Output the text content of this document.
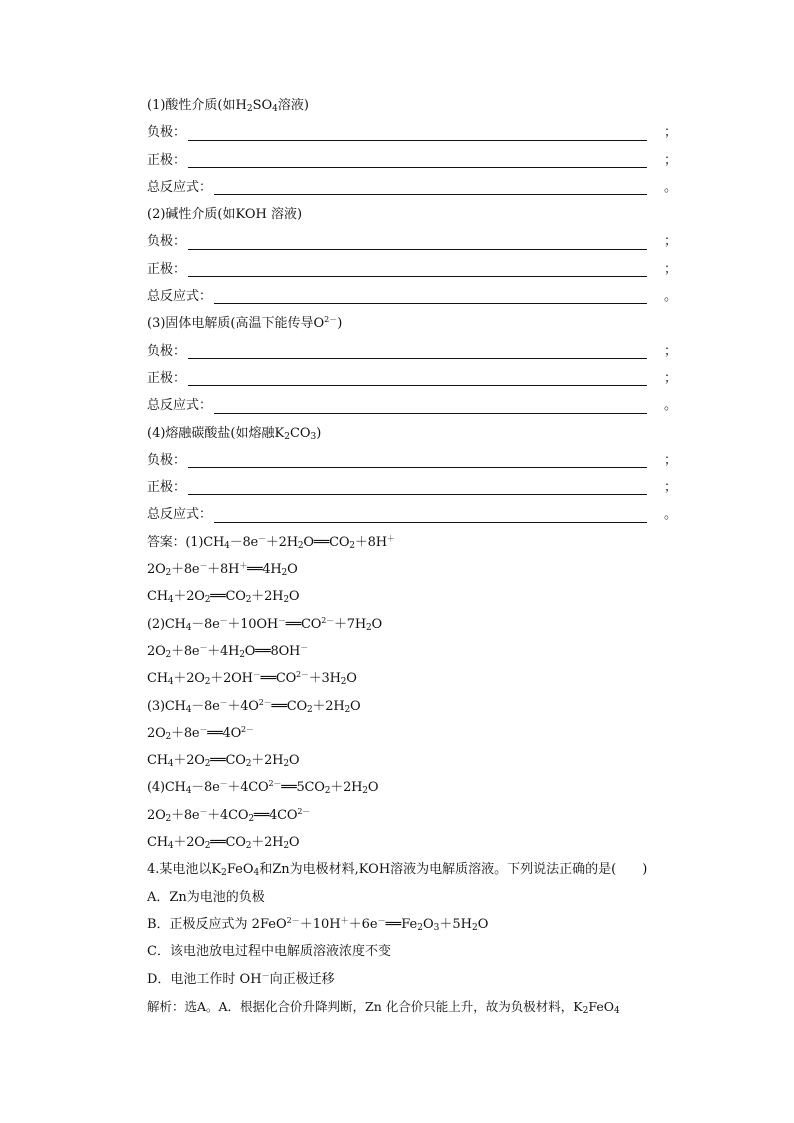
(1)酸性介质(如$H_2SO_4$溶液)
负极：	；
正极：	；
总反应式：	。
(2)碱性介质(如KOH 溶液)
负极：	；
正极：	；
总反应式：	。
(3)固体电解质(高温下能传导$O^{2-}$)
负极：	；
正极：	；
总反应式：	。
(4)熔融碳酸盐(如熔融$K_2CO_3$)
负极：	；
正极：	；
总反应式：	。
答案：$(1)CH_4-8e^-+2H_2O══CO_2+8H^+$
$2O_2+8e^-+8H^+══4H_2O$
$CH_4+2O_2══CO_2+2H_2O$
$(2)CH_4-8e^-+10OH^-══CO^{2-}+7H_2O$
$2O_2+8e^-+4H_2O══8OH^-$
$CH_4+2O_2+2OH^-══CO^{2-}+3H_2O$
$(3)CH_4-8e^-+4O^{2-}══CO_2+2H_2O$
$2O_2+8e^-══4O^{2-}$
$CH_4+2O_2══CO_2+2H_2O$
$(4)CH_4-8e^-+4CO^{2-}══5CO_2+2H_2O$
$2O_2+8e^-+4CO_2══4CO^{2-}$
$CH_4+2O_2══CO_2+2H_2O$
4.某电池以$K_2FeO_4$和Zn为电极材料,KOH溶液为电解质溶液。下列说法正确的是(　　)
A．Zn为电池的负极
B．正极反应式为 $2FeO^{2-}+10H^++6e^-══Fe_2O_3+5H_2O$
C．该电池放电过程中电解质溶液浓度不变
D．电池工作时 OH－向正极迁移
解析：选A。A．根据化合价升降判断，Zn 化合价只能上升，故为负极材料，$K_2FeO_4$
